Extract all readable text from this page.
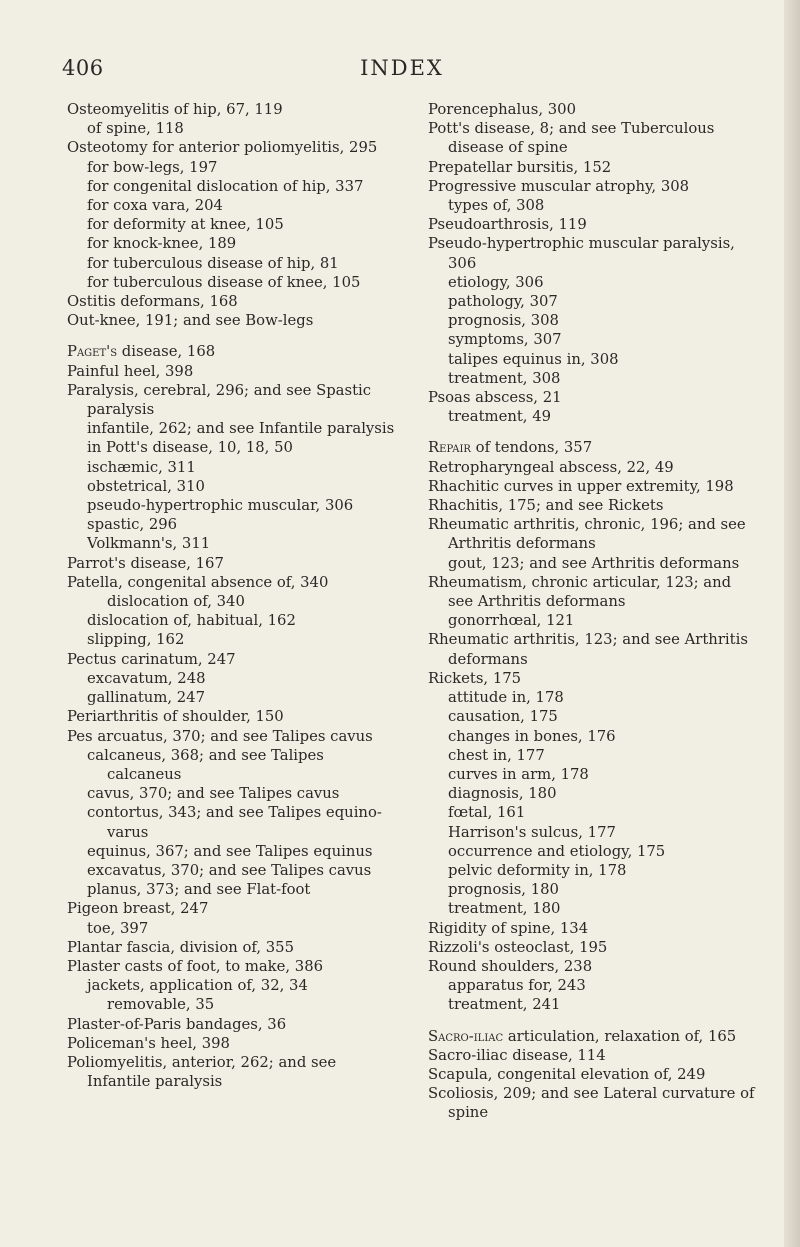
406	INDEX
Osteomyelitis of hip, 67, 119
of spine, 118
Osteotomy for anterior poliomyelitis, 295
for bow-legs, 197
for congenital dislocation of hip, 337
for coxa vara, 204
for deformity at knee, 105
for knock-knee, 189
for tuberculous disease of hip, 81
for tuberculous disease of knee, 105
Ostitis deformans, 168
Out-knee, 191; and see Bow-legs
Paget's disease, 168
Painful heel, 398
Paralysis, cerebral, 296; and see Spastic paralysis
infantile, 262; and see Infantile paralysis
in Pott's disease, 10, 18, 50
ischæmic, 311
obstetrical, 310
pseudo-hypertrophic muscular, 306
spastic, 296
Volkmann's, 311
Parrot's disease, 167
Patella, congenital absence of, 340
dislocation of, 340
dislocation of, habitual, 162
slipping, 162
Pectus carinatum, 247
excavatum, 248
gallinatum, 247
Periarthritis of shoulder, 150
Pes arcuatus, 370; and see Talipes cavus
calcaneus, 368; and see Talipes calcaneus
cavus, 370; and see Talipes cavus
contortus, 343; and see Talipes equino-varus
equinus, 367; and see Talipes equinus
excavatus, 370; and see Talipes cavus
planus, 373; and see Flat-foot
Pigeon breast, 247
toe, 397
Plantar fascia, division of, 355
Plaster casts of foot, to make, 386
jackets, application of, 32, 34
removable, 35
Plaster-of-Paris bandages, 36
Policeman's heel, 398
Poliomyelitis, anterior, 262; and see Infantile paralysis
Porencephalus, 300
Pott's disease, 8; and see Tuberculous disease of spine
Prepatellar bursitis, 152
Progressive muscular atrophy, 308
types of, 308
Pseudoarthrosis, 119
Pseudo-hypertrophic muscular paralysis, 306
etiology, 306
pathology, 307
prognosis, 308
symptoms, 307
talipes equinus in, 308
treatment, 308
Psoas abscess, 21
treatment, 49
Repair of tendons, 357
Retropharyngeal abscess, 22, 49
Rhachitic curves in upper extremity, 198
Rhachitis, 175; and see Rickets
Rheumatic arthritis, chronic, 196; and see Arthritis deformans
gout, 123; and see Arthritis deformans
Rheumatism, chronic articular, 123; and see Arthritis deformans
gonorrhœal, 121
Rheumatic arthritis, 123; and see Arthritis deformans
Rickets, 175
attitude in, 178
causation, 175
changes in bones, 176
chest in, 177
curves in arm, 178
diagnosis, 180
fœtal, 161
Harrison's sulcus, 177
occurrence and etiology, 175
pelvic deformity in, 178
prognosis, 180
treatment, 180
Rigidity of spine, 134
Rizzoli's osteoclast, 195
Round shoulders, 238
apparatus for, 243
treatment, 241
Sacro-iliac articulation, relaxation of, 165
Sacro-iliac disease, 114
Scapula, congenital elevation of, 249
Scoliosis, 209; and see Lateral curvature of spine
